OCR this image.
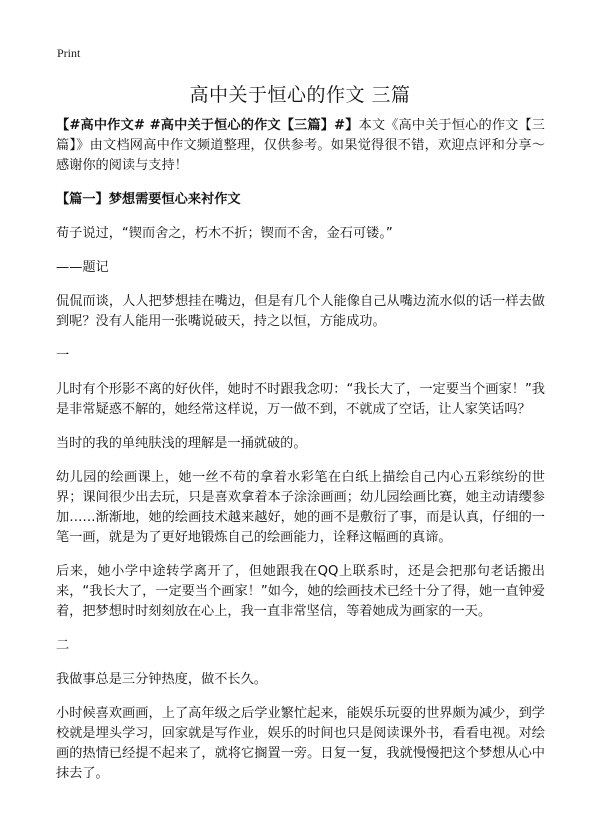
Print
高中关于恒心的作文 三篇

【#高中作文# #高中关于恒心的作文【三篇】#】本文《高中关于恒心的作文【三篇】》由文档网高中作文频道整理，仅供参考。如果觉得很不错，欢迎点评和分享～感谢你的阅读与支持！

【篇一】梦想需要恒心来衬作文

荀子说过，“锲而舍之，朽木不折；锲而不舍，金石可镂。”

——题记

侃侃而谈，人人把梦想挂在嘴边，但是有几个人能像自己从嘴边流水似的话一样去做到呢？没有人能用一张嘴说破天，持之以恒，方能成功。

一

儿时有个形影不离的好伙伴，她时不时跟我念叨：“我长大了，一定要当个画家！”我是非常疑惑不解的，她经常这样说，万一做不到，不就成了空话，让人家笑话吗？

当时的我的单纯肤浅的理解是一捅就破的。

幼儿园的绘画课上，她一丝不苟的拿着水彩笔在白纸上描绘自己内心五彩缤纷的世界；课间很少出去玩，只是喜欢拿着本子涂涂画画；幼儿园绘画比赛，她主动请缨参加……渐渐地，她的绘画技术越来越好，她的画不是敷衍了事，而是认真，仔细的一笔一画，就是为了更好地锻炼自己的绘画能力，诠释这幅画的真谛。

后来，她小学中途转学离开了，但她跟我在QQ上联系时，还是会把那句老话搬出来，“我长大了，一定要当个画家！”如今，她的绘画技术已经十分了得，她一直钟爱着，把梦想时时刻刻放在心上，我一直非常坚信，等着她成为画家的一天。

二

我做事总是三分钟热度，做不长久。

小时候喜欢画画，上了高年级之后学业繁忙起来，能娱乐玩耍的世界颇为减少，到学校就是埋头学习，回家就是写作业，娱乐的时间也只是阅读课外书，看看电视。对绘画的热情已经提不起来了，就将它搁置一旁。日复一复，我就慢慢把这个梦想从心中抹去了。
